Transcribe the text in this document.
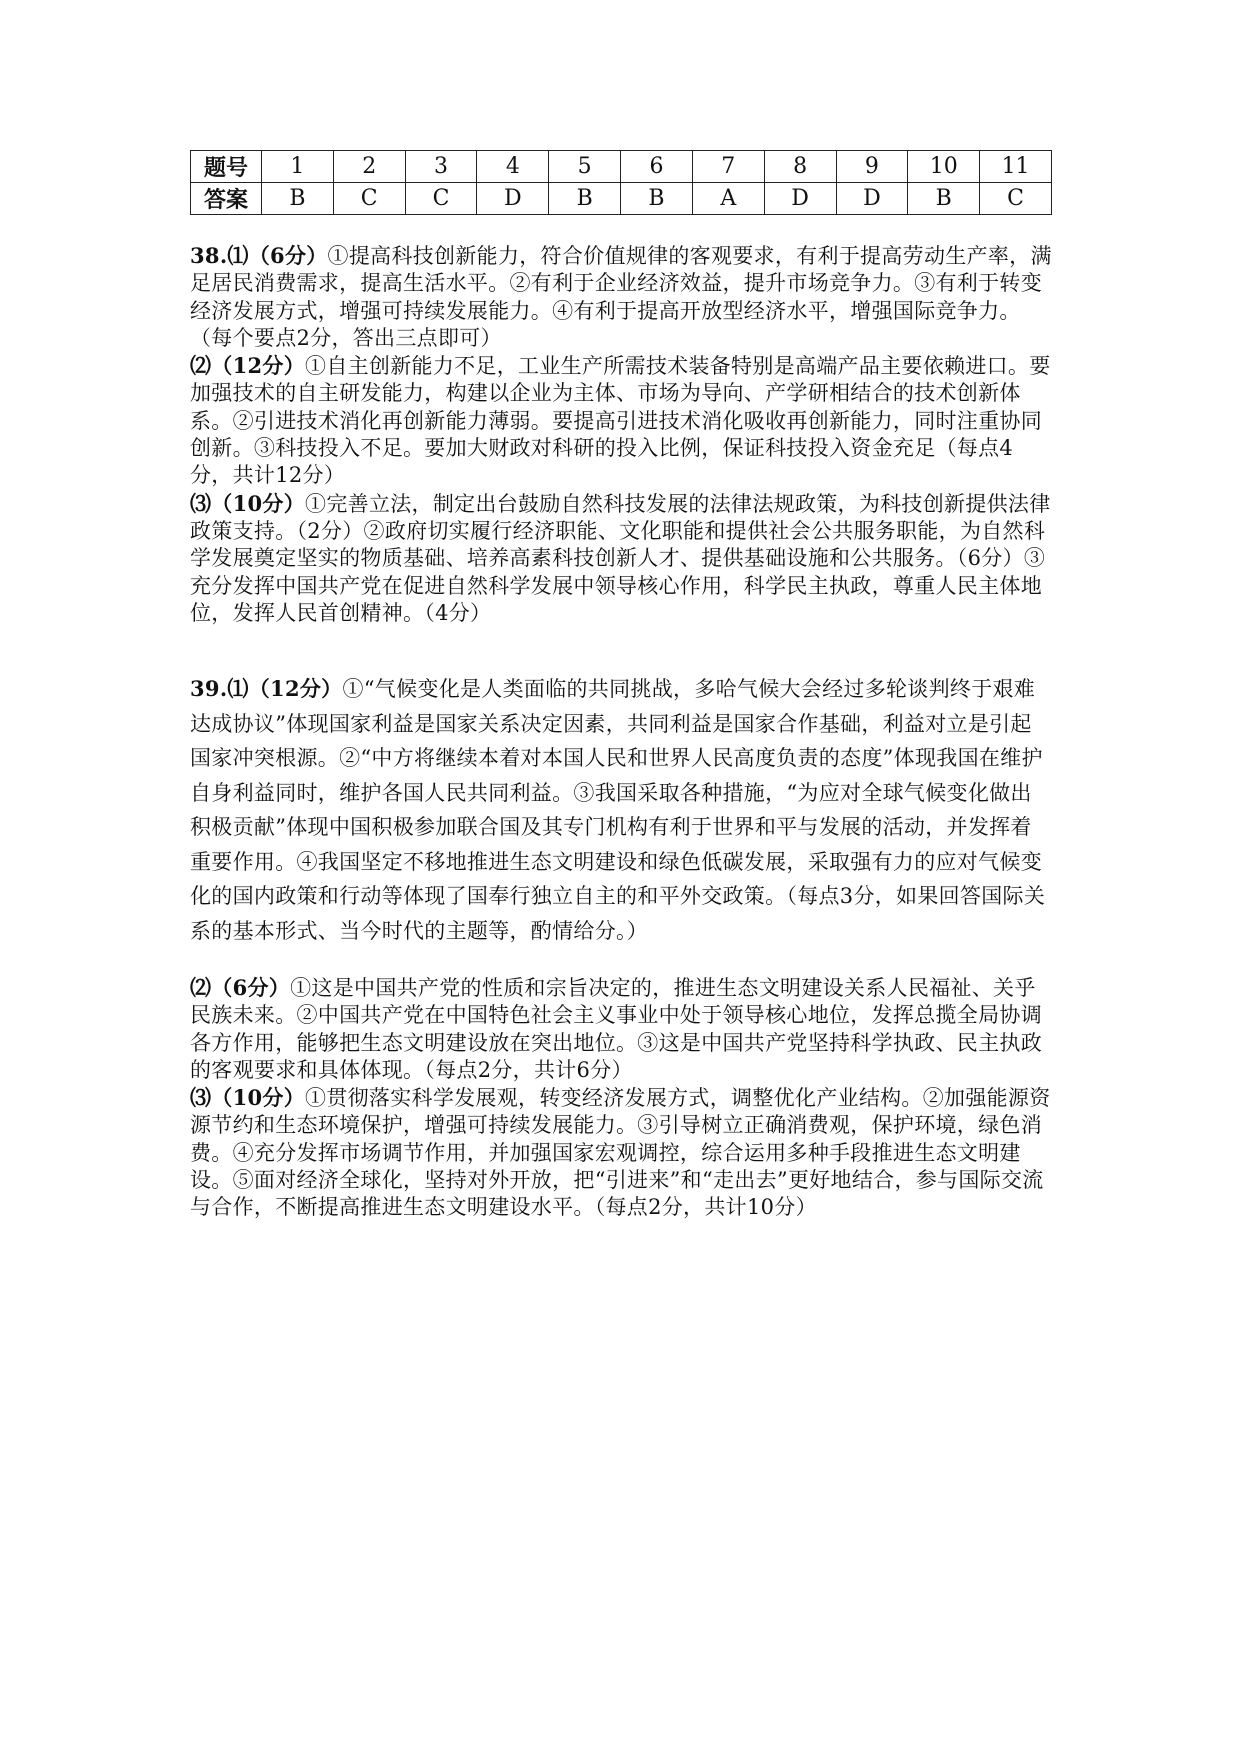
题号	1	2	3	4	5	6	7	8	9	10	11
答案	B	C	C	D	B	B	A	D	D	B	C

38.⑴（6分）①提高科技创新能力，符合价值规律的客观要求，有利于提高劳动生产率，满足居民消费需求，提高生活水平。②有利于企业经济效益，提升市场竞争力。③有利于转变经济发展方式，增强可持续发展能力。④有利于提高开放型经济水平，增强国际竞争力。（每个要点2分，答出三点即可）

⑵（12分）①自主创新能力不足，工业生产所需技术装备特别是高端产品主要依赖进口。要加强技术的自主研发能力，构建以企业为主体、市场为导向、产学研相结合的技术创新体系。②引进技术消化再创新能力薄弱。要提高引进技术消化吸收再创新能力，同时注重协同创新。③科技投入不足。要加大财政对科研的投入比例，保证科技投入资金充足（每点4分，共计12分）

⑶（10分）①完善立法，制定出台鼓励自然科技发展的法律法规政策，为科技创新提供法律政策支持。（2分）②政府切实履行经济职能、文化职能和提供社会公共服务职能，为自然科学发展奠定坚实的物质基础、培养高素科技创新人才、提供基础设施和公共服务。（6分）③充分发挥中国共产党在促进自然科学发展中领导核心作用，科学民主执政，尊重人民主体地位，发挥人民首创精神。（4分）

39.⑴（12分）①“气候变化是人类面临的共同挑战，多哈气候大会经过多轮谈判终于艰难达成协议”体现国家利益是国家关系决定因素，共同利益是国家合作基础，利益对立是引起国家冲突根源。②“中方将继续本着对本国人民和世界人民高度负责的态度”体现我国在维护自身利益同时，维护各国人民共同利益。③我国采取各种措施，“为应对全球气候变化做出积极贡献”体现中国积极参加联合国及其专门机构有利于世界和平与发展的活动，并发挥着重要作用。④我国坚定不移地推进生态文明建设和绿色低碳发展，采取强有力的应对气候变化的国内政策和行动等体现了国奉行独立自主的和平外交政策。（每点3分，如果回答国际关系的基本形式、当今时代的主题等，酌情给分。）

⑵（6分）①这是中国共产党的性质和宗旨决定的，推进生态文明建设关系人民福祉、关乎民族未来。②中国共产党在中国特色社会主义事业中处于领导核心地位，发挥总揽全局协调各方作用，能够把生态文明建设放在突出地位。③这是中国共产党坚持科学执政、民主执政的客观要求和具体体现。（每点2分，共计6分）

⑶（10分）①贯彻落实科学发展观，转变经济发展方式，调整优化产业结构。②加强能源资源节约和生态环境保护，增强可持续发展能力。③引导树立正确消费观，保护环境，绿色消费。④充分发挥市场调节作用，并加强国家宏观调控，综合运用多种手段推进生态文明建设。⑤面对经济全球化，坚持对外开放，把“引进来”和“走出去”更好地结合，参与国际交流与合作，不断提高推进生态文明建设水平。（每点2分，共计10分）
